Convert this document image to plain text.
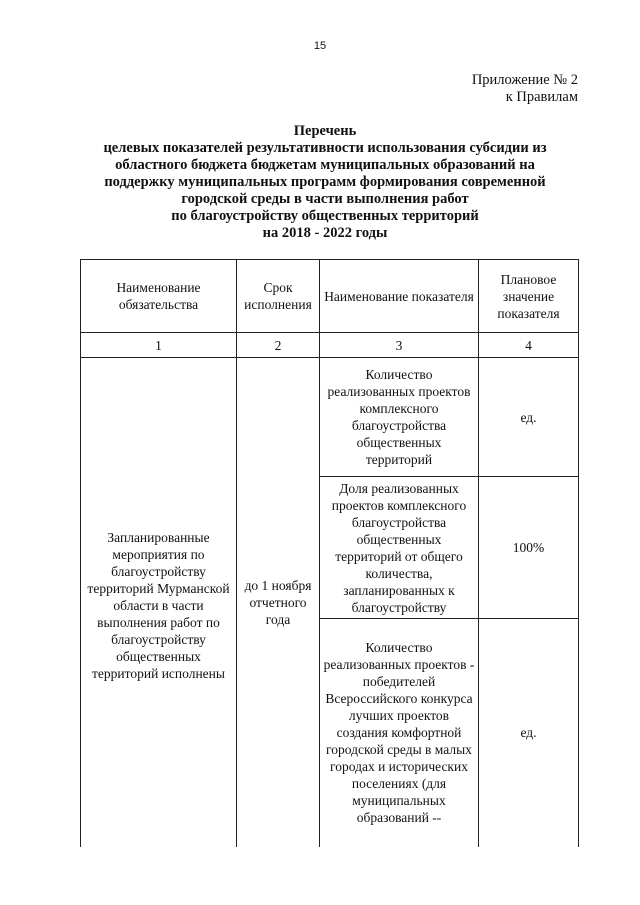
15
Приложение № 2
к Правилам
Перечень
целевых показателей результативности использования субсидии из
областного бюджета бюджетам муниципальных образований на
поддержку муниципальных программ формирования современной
городской среды в части выполнения работ
по благоустройству общественных территорий
на 2018 - 2022 годы
Наименование обязательства	Срок исполнения	Наименование показателя	Плановое значение показателя
1	2	3	4
Запланированные мероприятия по благоустройству территорий Мурманской области в части выполнения работ по благоустройству общественных территорий исполнены	до 1 ноября отчетного года	Количество реализованных проектов комплексного благоустройства общественных территорий	ед.
		Доля реализованных проектов комплексного благоустройства общественных территорий от общего количества, запланированных к благоустройству	100%
		Количество реализованных проектов - победителей Всероссийского конкурса лучших проектов создания комфортной городской среды в малых городах и исторических поселениях (для муниципальных образований --	ед.
